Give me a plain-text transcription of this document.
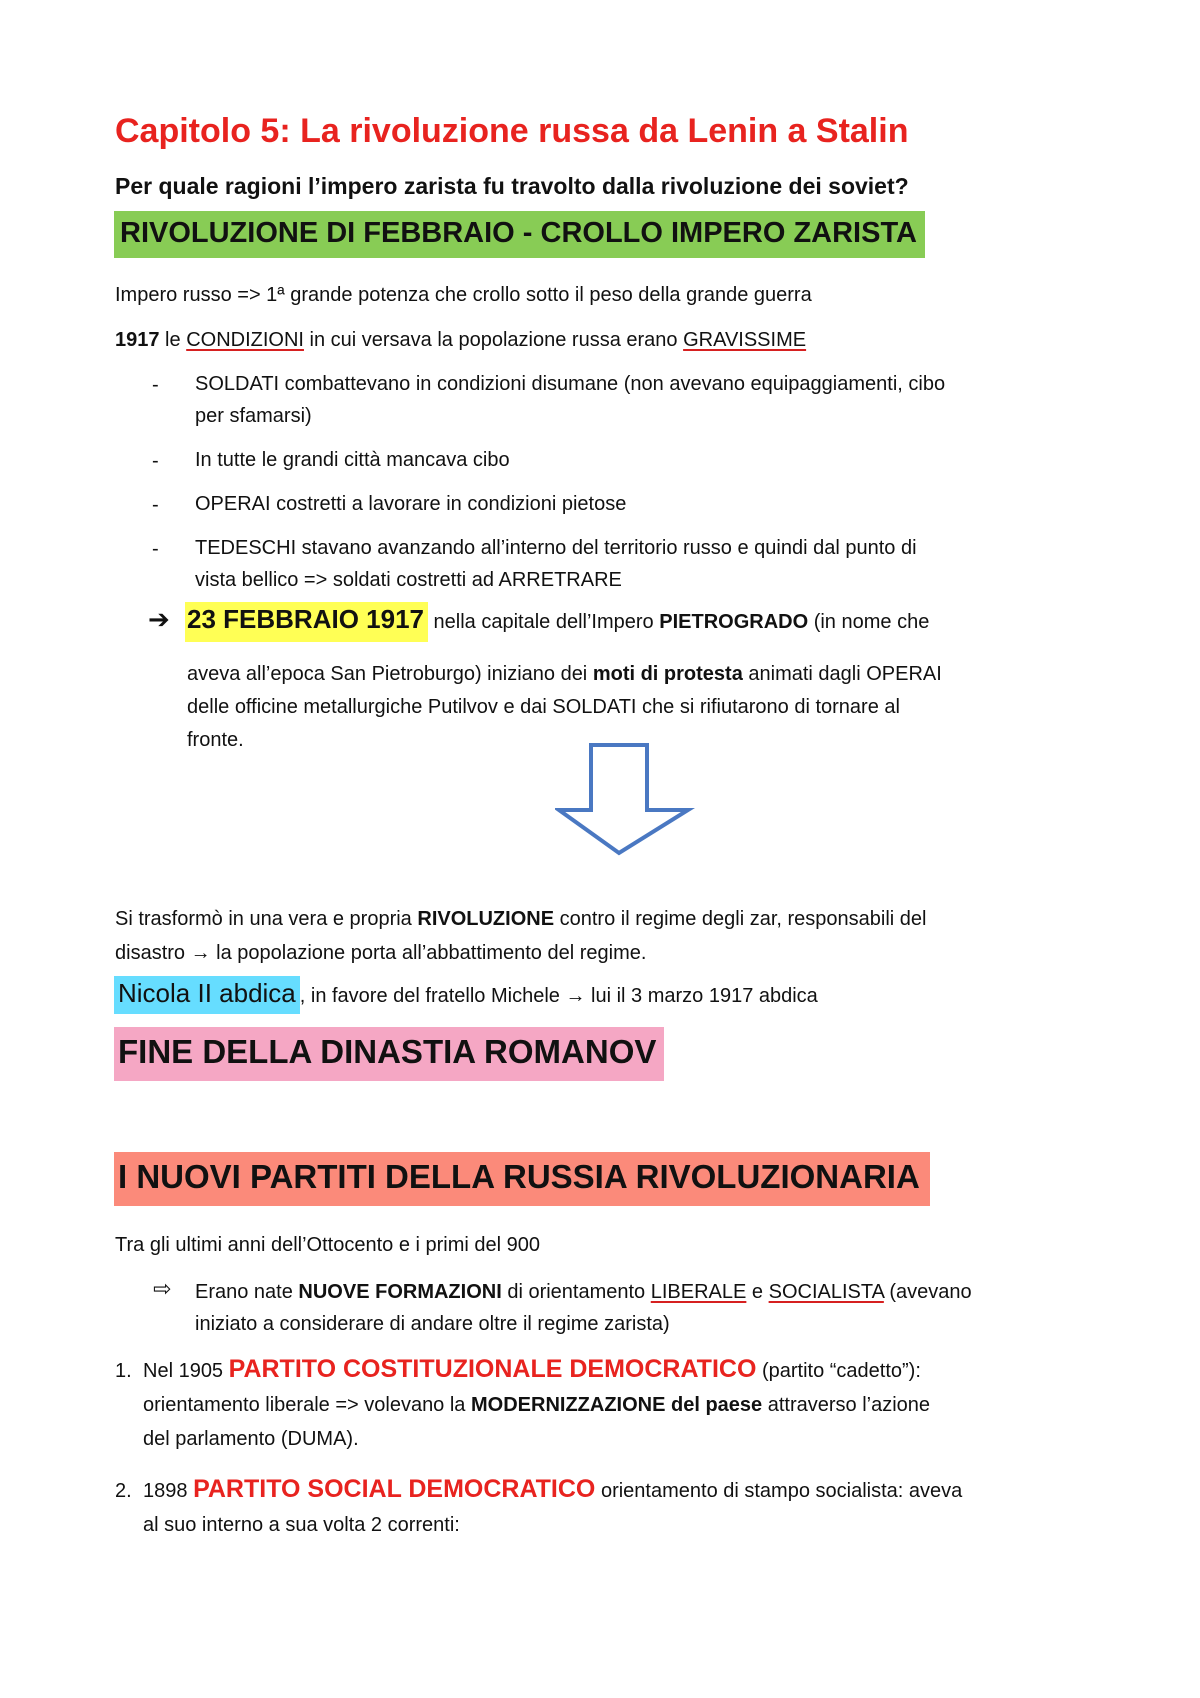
Capitolo 5: La rivoluzione russa da Lenin a Stalin
Per quale ragioni l’impero zarista fu travolto dalla rivoluzione dei soviet?
RIVOLUZIONE DI FEBBRAIO - CROLLO IMPERO ZARISTA
Impero russo => 1ª grande potenza che crollo sotto il peso della grande guerra
1917 le CONDIZIONI in cui versava la popolazione russa erano GRAVISSIME
- SOLDATI combattevano in condizioni disumane (non avevano equipaggiamenti, cibo
per sfamarsi)
- In tutte le grandi città mancava cibo
- OPERAI costretti a lavorare in condizioni pietose
- TEDESCHI stavano avanzando all’interno del territorio russo e quindi dal punto di
vista bellico => soldati costretti ad ARRETRARE
➔ 23 FEBBRAIO 1917 nella capitale dell’Impero PIETROGRADO (in nome che
aveva all’epoca San Pietroburgo) iniziano dei moti di protesta animati dagli OPERAI
delle officine metallurgiche Putilvov e dai SOLDATI che si rifiutarono di tornare al
fronte.
Si trasformò in una vera e propria RIVOLUZIONE contro il regime degli zar, responsabili del
disastro → la popolazione porta all’abbattimento del regime.
Nicola II abdica , in favore del fratello Michele → lui il 3 marzo 1917 abdica
FINE DELLA DINASTIA ROMANOV
I NUOVI PARTITI DELLA RUSSIA RIVOLUZIONARIA
Tra gli ultimi anni dell’Ottocento e i primi del 900
⇨ Erano nate NUOVE FORMAZIONI di orientamento LIBERALE e SOCIALISTA (avevano
iniziato a considerare di andare oltre il regime zarista)
1. Nel 1905 PARTITO COSTITUZIONALE DEMOCRATICO (partito “cadetto”):
orientamento liberale => volevano la MODERNIZZAZIONE del paese attraverso l’azione
del parlamento (DUMA).
2. 1898 PARTITO SOCIAL DEMOCRATICO orientamento di stampo socialista: aveva
al suo interno a sua volta 2 correnti:
